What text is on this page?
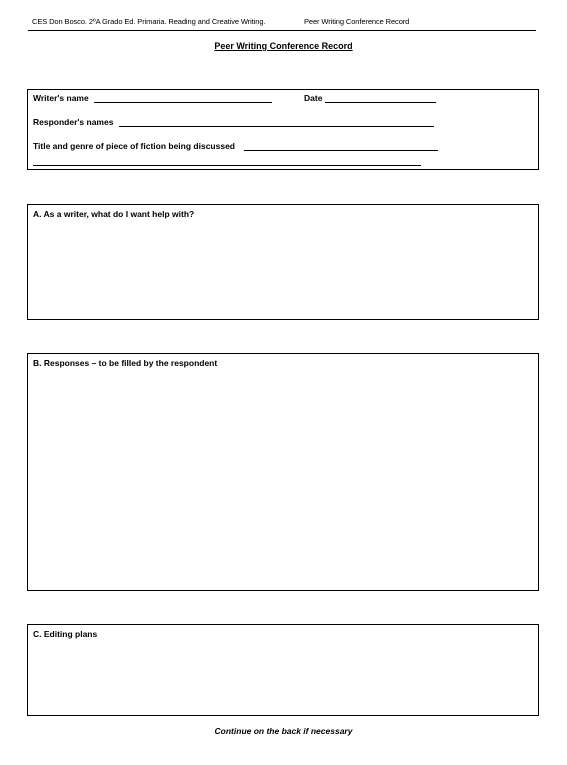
CES Don Bosco. 2ºA Grado Ed. Primaria. Reading and Creative Writing.	Peer Writing Conference Record
Peer Writing Conference Record
Writer's name	Date
Responder's names
Title and genre of piece of fiction being discussed
A. As a writer, what do I want help with?
B. Responses – to be filled by the respondent
C. Editing plans
Continue on the back if necessary
